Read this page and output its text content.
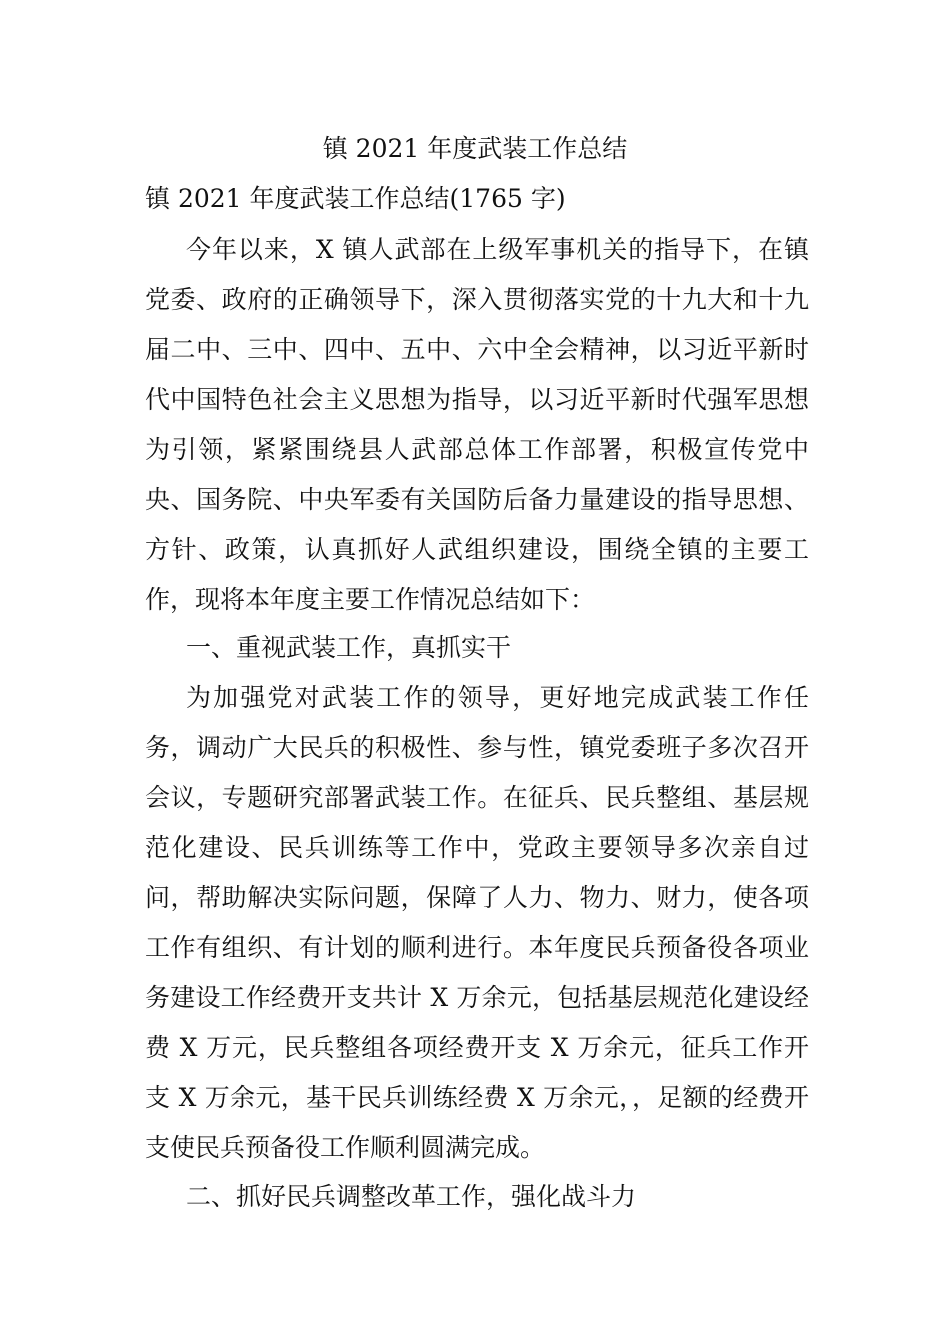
镇 2021 年度武装工作总结
镇 2021 年度武装工作总结(1765 字)

今年以来，X 镇人武部在上级军事机关的指导下，在镇党委、政府的正确领导下，深入贯彻落实党的十九大和十九届二中、三中、四中、五中、六中全会精神，以习近平新时代中国特色社会主义思想为指导，以习近平新时代强军思想为引领，紧紧围绕县人武部总体工作部署，积极宣传党中央、国务院、中央军委有关国防后备力量建设的指导思想、方针、政策，认真抓好人武组织建设，围绕全镇的主要工作，现将本年度主要工作情况总结如下：

一、重视武装工作，真抓实干

为加强党对武装工作的领导，更好地完成武装工作任务，调动广大民兵的积极性、参与性，镇党委班子多次召开会议，专题研究部署武装工作。在征兵、民兵整组、基层规范化建设、民兵训练等工作中，党政主要领导多次亲自过问，帮助解决实际问题，保障了人力、物力、财力，使各项工作有组织、有计划的顺利进行。本年度民兵预备役各项业务建设工作经费开支共计 X 万余元，包括基层规范化建设经费 X 万元，民兵整组各项经费开支 X 万余元，征兵工作开支 X 万余元，基干民兵训练经费 X 万余元，，足额的经费开支使民兵预备役工作顺利圆满完成。

二、抓好民兵调整改革工作，强化战斗力
